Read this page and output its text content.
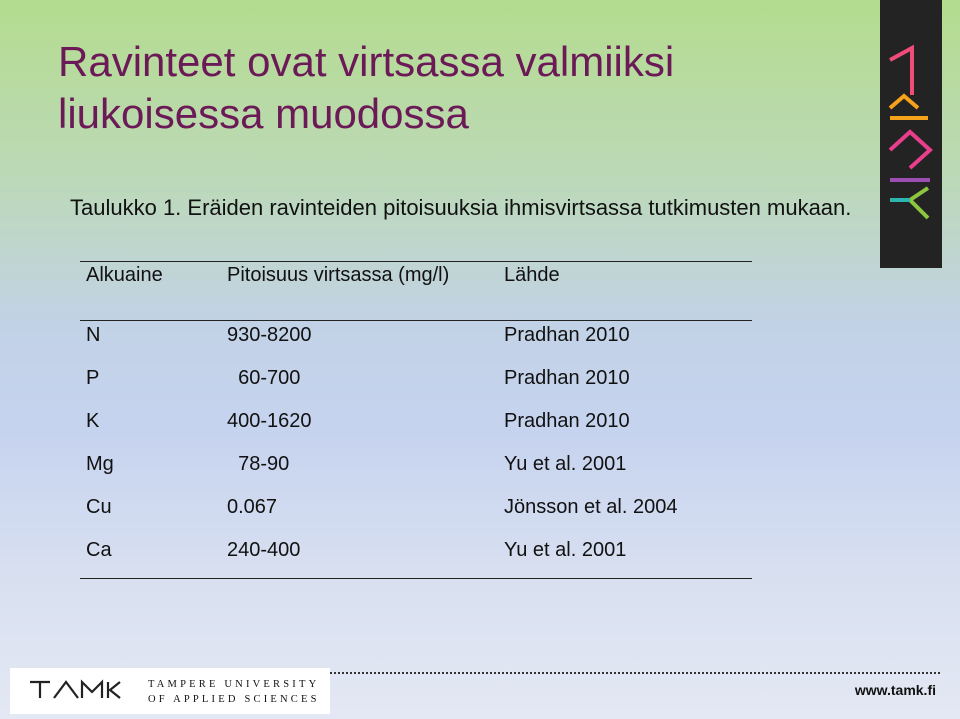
Ravinteet ovat virtsassa valmiiksi liukoisessa muodossa
Taulukko 1. Eräiden ravinteiden pitoisuuksia ihmisvirtsassa tutkimusten mukaan.
Alkuaine	Pitoisuus virtsassa (mg/l)	Lähde
N	930-8200	Pradhan 2010
P	60-700	Pradhan 2010
K	400-1620	Pradhan 2010
Mg	78-90	Yu et al. 2001
Cu	0.067	Jönsson et al. 2004
Ca	240-400	Yu et al. 2001
TAMPERE UNIVERSITY
OF APPLIED SCIENCES
www.tamk.fi
